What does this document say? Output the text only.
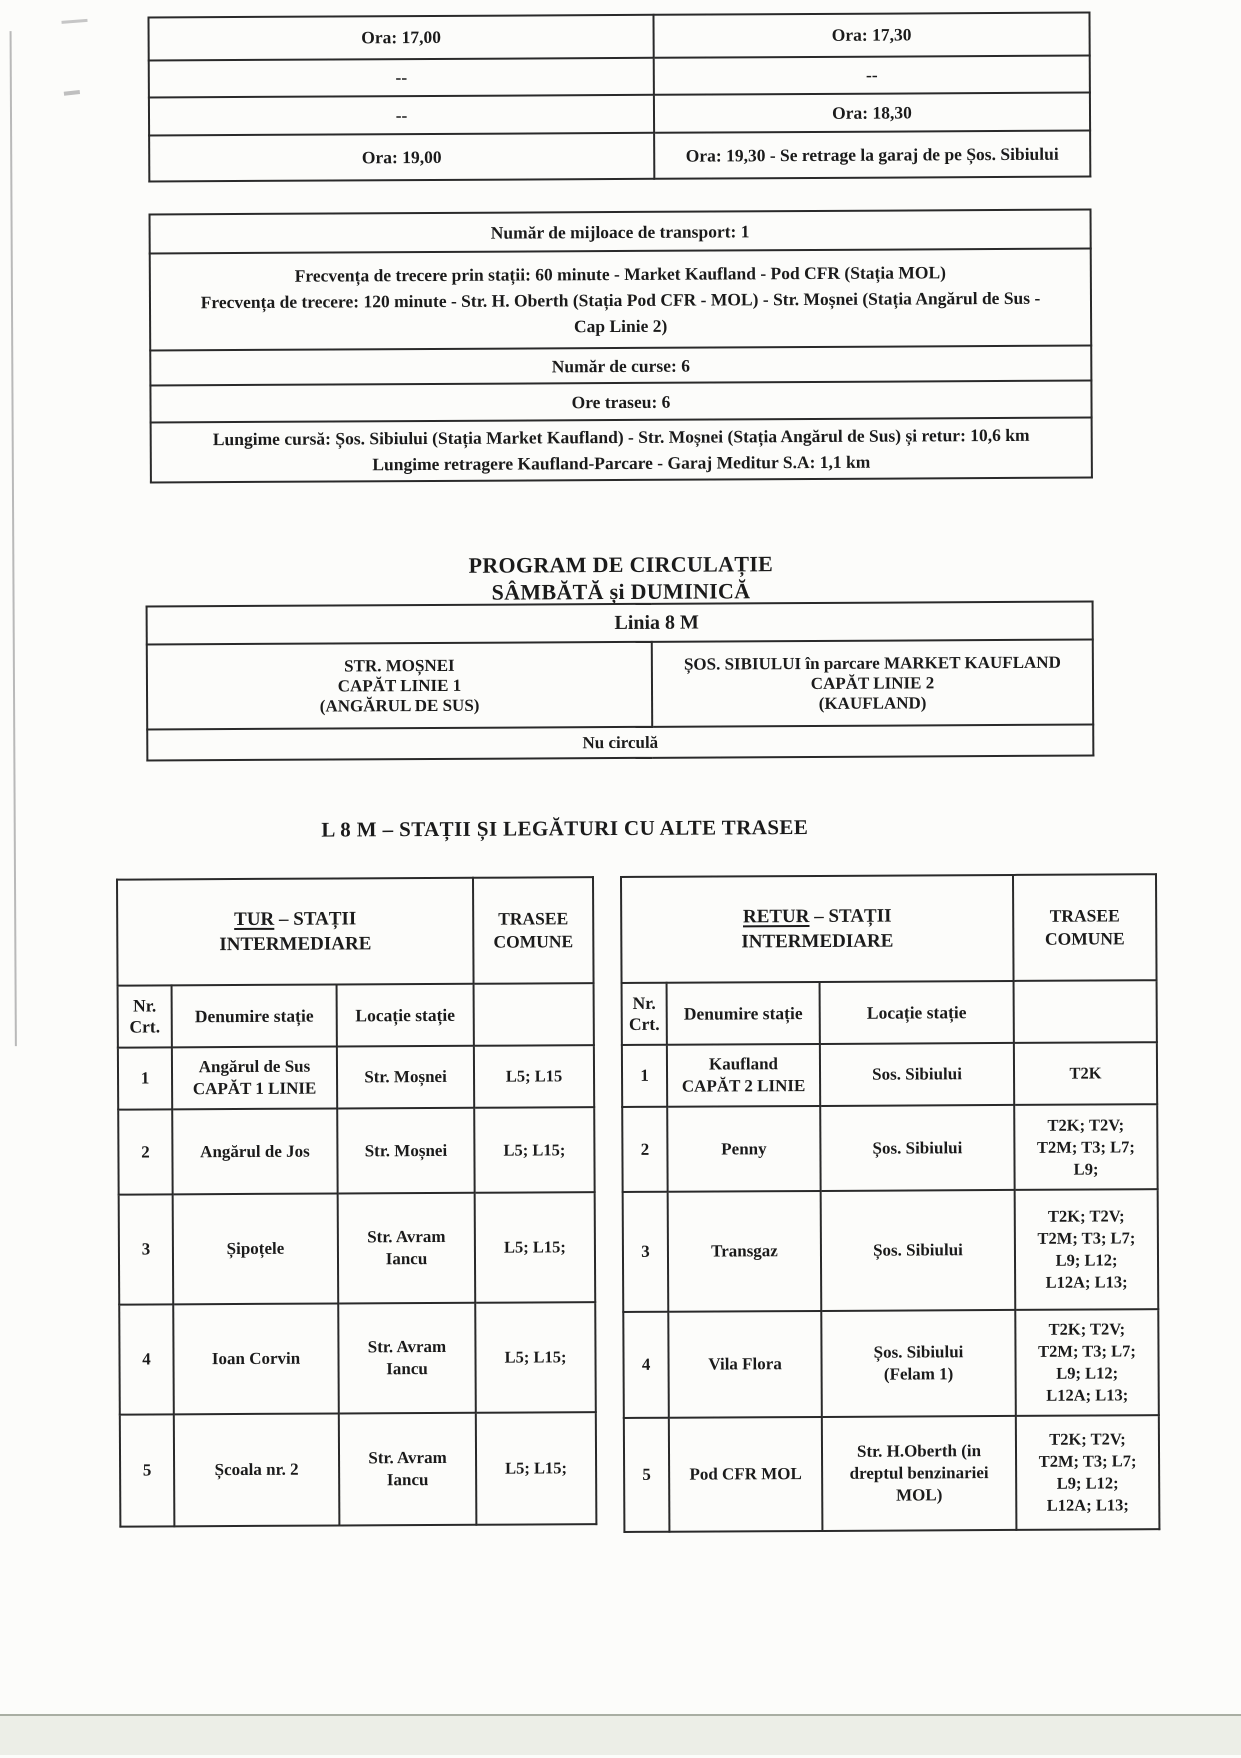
Ora: 17,00	Ora: 17,30
--	--
--	Ora: 18,30
Ora: 19,00	Ora: 19,30 - Se retrage la garaj de pe Șos. Sibiului
Număr de mijloace de transport: 1

Frecvența de trecere prin stații: 60 minute - Market Kaufland - Pod CFR (Stația MOL)
Frecvența de trecere: 120 minute - Str. H. Oberth (Stația Pod CFR - MOL) - Str. Moșnei (Stația Angărul de Sus -
Cap Linie 2)

Număr de curse: 6
Ore traseu: 6

Lungime cursă: Șos. Sibiului (Stația Market Kaufland) - Str. Moșnei (Stația Angărul de Sus) și retur: 10,6 km
Lungime retragere Kaufland-Parcare - Garaj Meditur S.A: 1,1 km
PROGRAM DE CIRCULAȚIE
SÂMBĂTĂ și DUMINICĂ
Linia 8 M
STR. MOȘNEI
CAPĂT LINIE 1
(ANGĂRUL DE SUS)	ȘOS. SIBIULUI în parcare MARKET KAUFLAND
CAPĂT LINIE 2
(KAUFLAND)
Nu circulă
L 8 M – STAȚII ȘI LEGĂTURI CU ALTE TRASEE
TUR – STAȚII
INTERMEDIARE
	TRASEE
COMUNE
Nr.
Crt.	Denumire stație	Locație stație	
1	Angărul de Sus
CAPĂT 1 LINIE	Str. Moșnei	L5; L15
2	Angărul de Jos	Str. Moșnei	L5; L15;
3	Șipoțele	Str. Avram
Iancu	L5; L15;
4	Ioan Corvin	Str. Avram
Iancu	L5; L15;
5	Școala nr. 2	Str. Avram
Iancu	L5; L15;
RETUR – STAȚII
INTERMEDIARE
	TRASEE
COMUNE
Nr.
Crt.	Denumire stație	Locație stație	
1	Kaufland
CAPĂT 2 LINIE	Sos. Sibiului	T2K
2	Penny	Șos. Sibiului	T2K; T2V;
T2M; T3; L7;
L9;
3	Transgaz	Șos. Sibiului	T2K; T2V;
T2M; T3; L7;
L9; L12;
L12A; L13;
4	Vila Flora	Șos. Sibiului
(Felam 1)	T2K; T2V;
T2M; T3; L7;
L9; L12;
L12A; L13;
5	Pod CFR MOL	Str. H.Oberth (in
dreptul benzinariei
MOL)	T2K; T2V;
T2M; T3; L7;
L9; L12;
L12A; L13;
